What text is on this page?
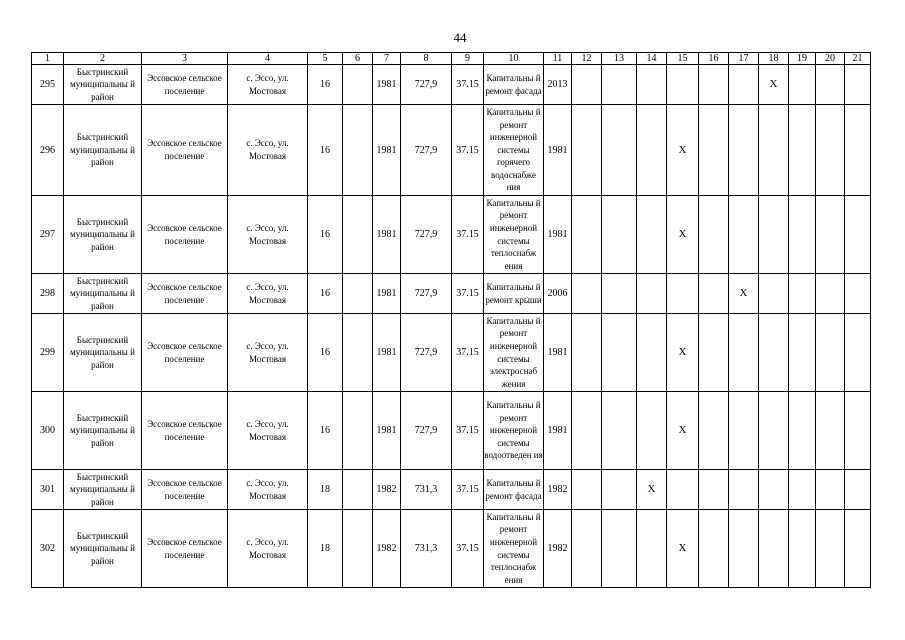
44
1	2	3	4	5	6	7	8	9	10	11	12	13	14	15	16	17	18	19	20	21
295	Быстринский муниципальны й район	Эссовское сельское поселение	с. Эссо, ул. Мостовая	16		1981	727,9	37.15	Капитальны й ремонт фасада	2013							X			
296	Быстринский муниципальны й район	Эссовское сельское поселение	с. Эссо, ул. Мостовая	16		1981	727,9	37.15	Капитальны й ремонт инженерной системы горячего водоснабже ния	1981				X						
297	Быстринский муниципальны й район	Эссовское сельское поселение	с. Эссо, ул. Мостовая	16		1981	727,9	37.15	Капитальны й ремонт инженерной системы теплоснабж ения	1981				X						
298	Быстринский муниципальны й район	Эссовское сельское поселение	с. Эссо, ул. Мостовая	16		1981	727,9	37.15	Капитальны й ремонт крыши	2006						X				
299	Быстринский муниципальны й район	Эссовское сельское поселение	с. Эссо, ул. Мостовая	16		1981	727,9	37.15	Капитальны й ремонт инженерной системы электроснаб жения	1981				X						
300	Быстринский муниципальны й район	Эссовское сельское поселение	с. Эссо, ул. Мостовая	16		1981	727,9	37.15	Капитальны й ремонт инженерной системы водоотведен ия	1981				X						
301	Быстринский муниципальны й район	Эссовское сельское поселение	с. Эссо, ул. Мостовая	18		1982	731,3	37.15	Капитальны й ремонт фасада	1982			X							
302	Быстринский муниципальны й район	Эссовское сельское поселение	с. Эссо, ул. Мостовая	18		1982	731,3	37.15	Капитальны й ремонт инженерной системы теплоснабж ения	1982				X						
